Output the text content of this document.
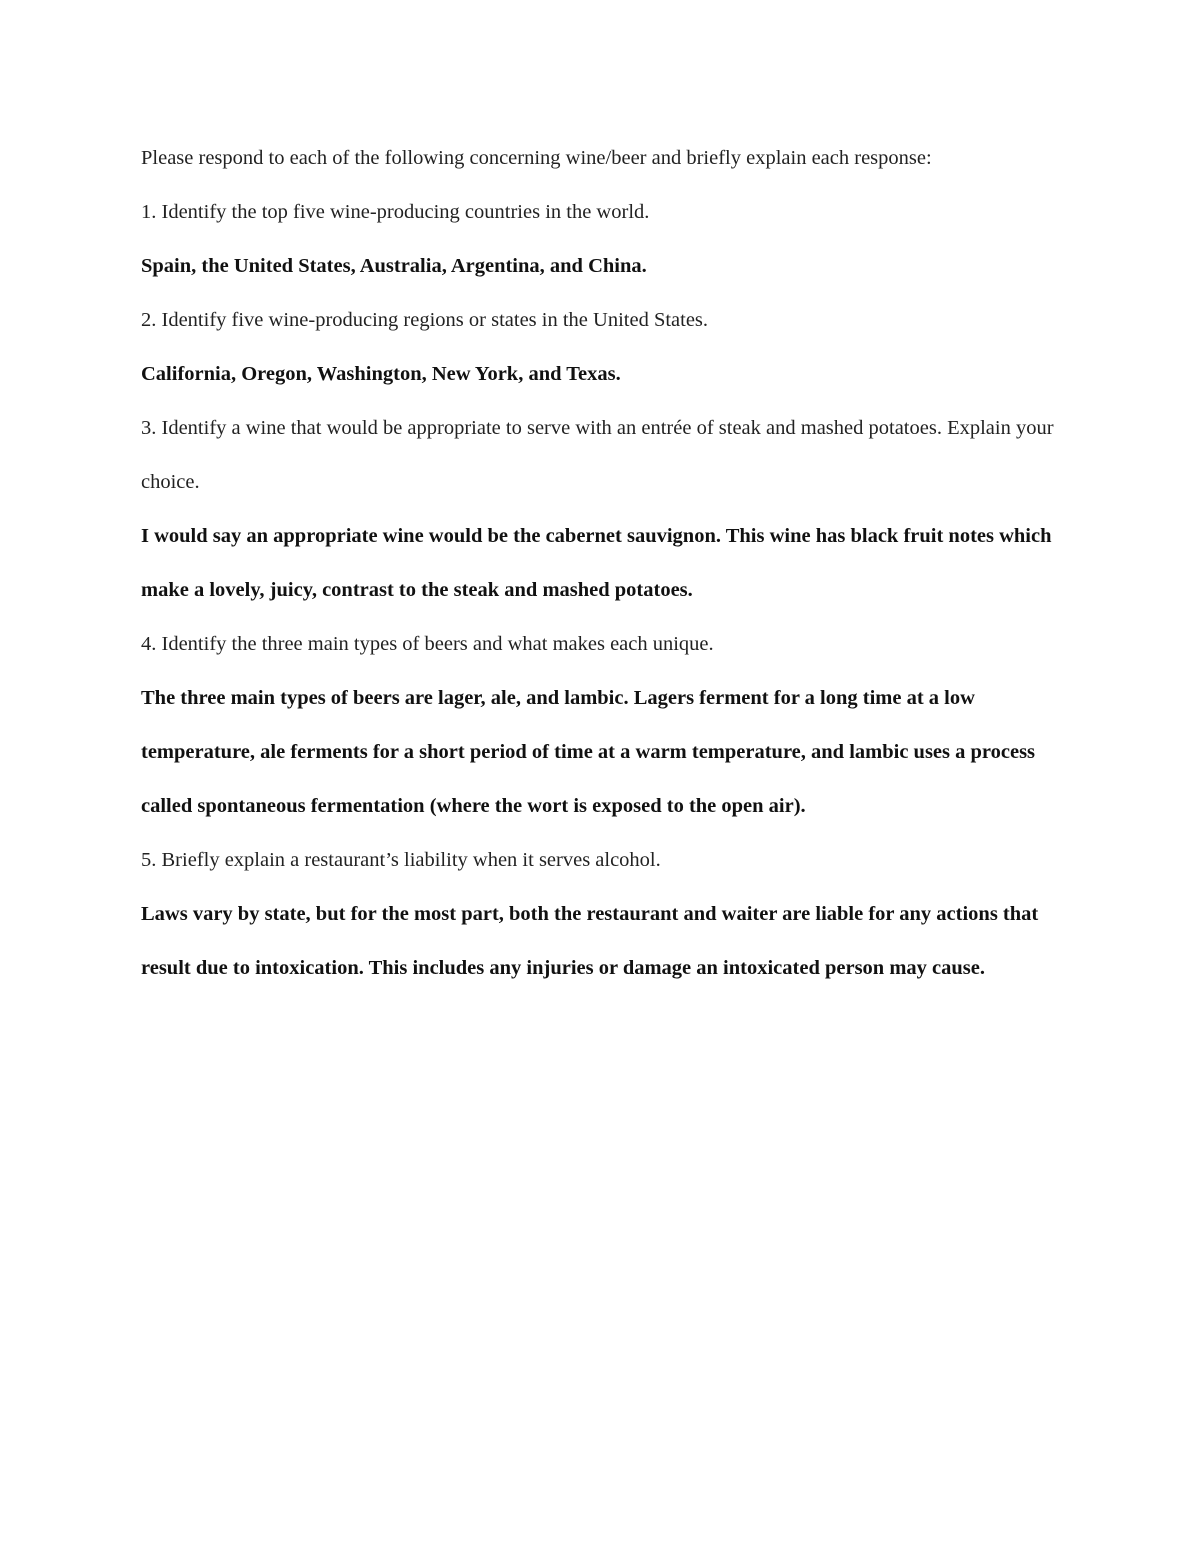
Please respond to each of the following concerning wine/beer and briefly explain each response:

1. Identify the top five wine-producing countries in the world.

Spain, the United States, Australia, Argentina, and China.

2. Identify five wine-producing regions or states in the United States.

California, Oregon, Washington, New York, and Texas.

3. Identify a wine that would be appropriate to serve with an entrée of steak and mashed potatoes. Explain your choice.

I would say an appropriate wine would be the cabernet sauvignon. This wine has black fruit notes which make a lovely, juicy, contrast to the steak and mashed potatoes.

4. Identify the three main types of beers and what makes each unique.

The three main types of beers are lager, ale, and lambic. Lagers ferment for a long time at a low temperature, ale ferments for a short period of time at a warm temperature, and lambic uses a process called spontaneous fermentation (where the wort is exposed to the open air).

5. Briefly explain a restaurant’s liability when it serves alcohol.

Laws vary by state, but for the most part, both the restaurant and waiter are liable for any actions that result due to intoxication. This includes any injuries or damage an intoxicated person may cause.
